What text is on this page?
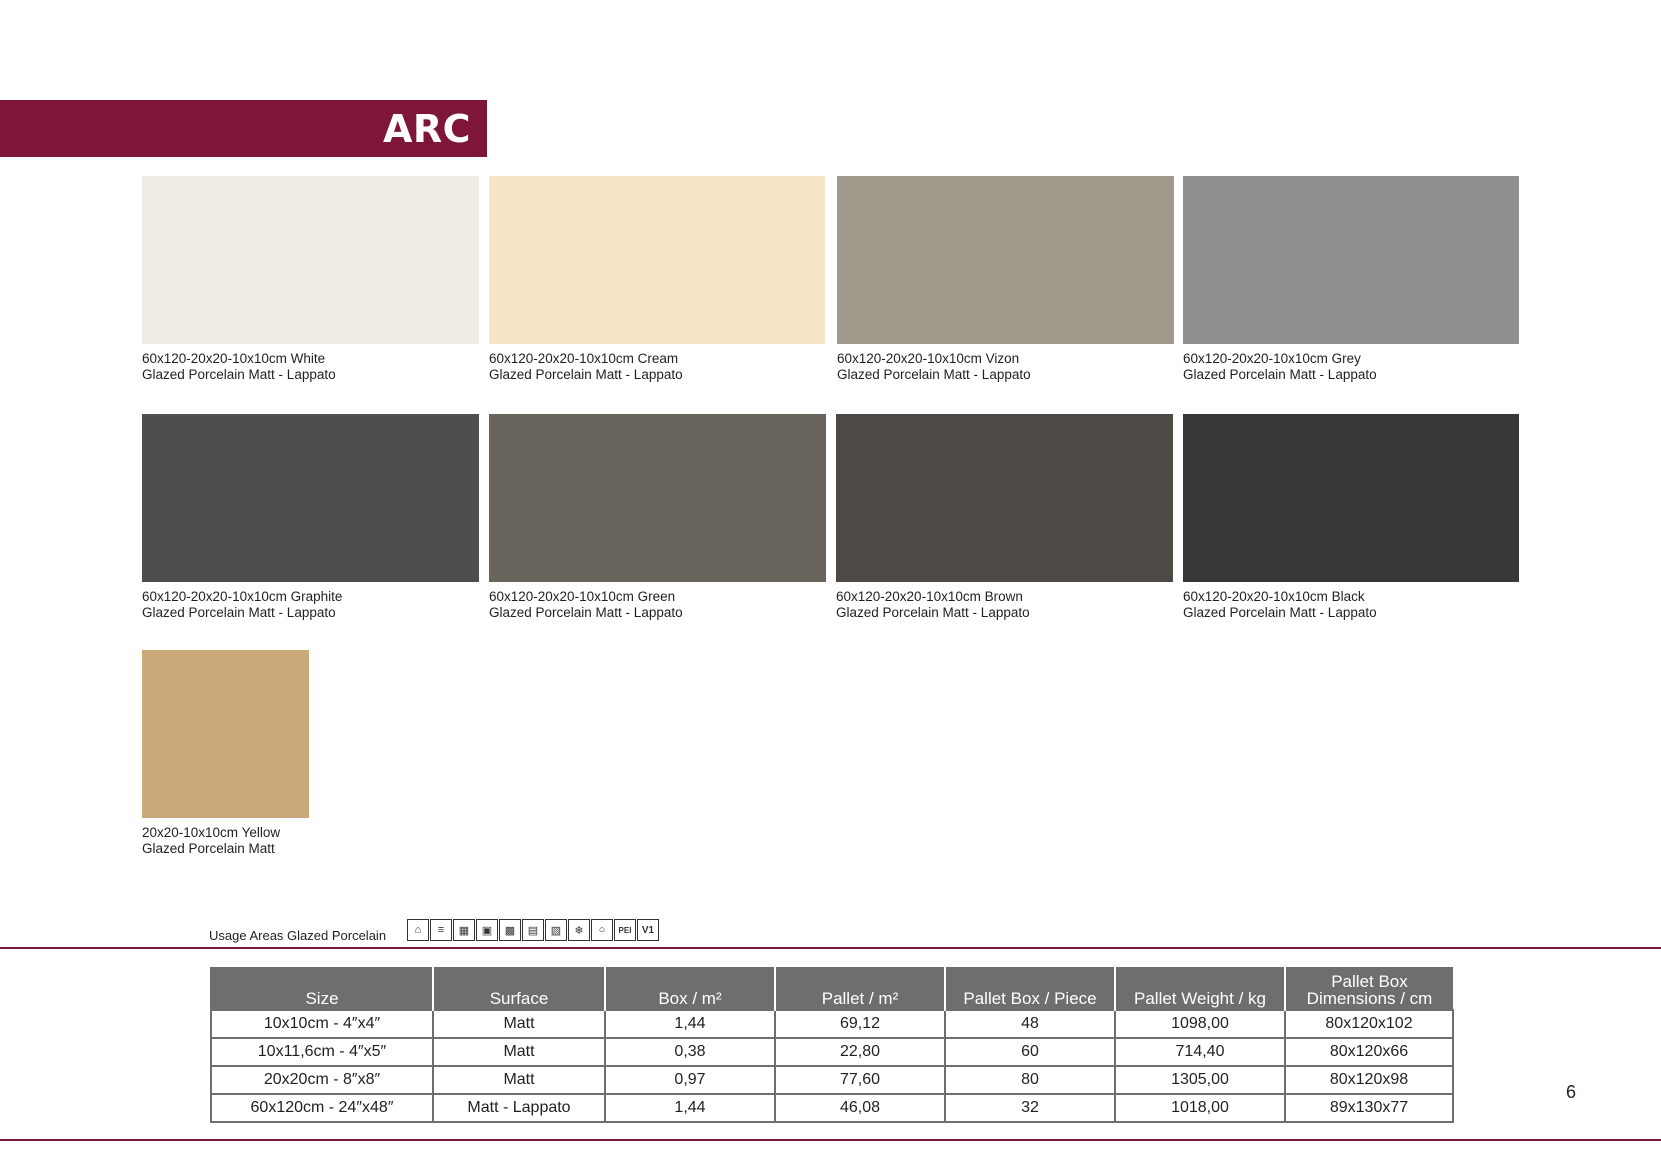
ARC
60x120-20x20-10x10cm White
Glazed Porcelain Matt - Lappato
60x120-20x20-10x10cm Cream
Glazed Porcelain Matt - Lappato
60x120-20x20-10x10cm Vizon
Glazed Porcelain Matt - Lappato
60x120-20x20-10x10cm Grey
Glazed Porcelain Matt - Lappato
60x120-20x20-10x10cm Graphite
Glazed Porcelain Matt - Lappato
60x120-20x20-10x10cm Green
Glazed Porcelain Matt - Lappato
60x120-20x20-10x10cm Brown
Glazed Porcelain Matt - Lappato
60x120-20x20-10x10cm Black
Glazed Porcelain Matt - Lappato
20x20-10x10cm Yellow
Glazed Porcelain Matt
Usage Areas Glazed Porcelain	⌂	≡	▦	▣	▩	▤	▧	❄	○	PEI	V1
Size	Surface	Box / m²	Pallet / m²	Pallet Box / Piece	Pallet Weight / kg	Pallet Box
Dimensions / cm

10x10cm - 4″x4″	Matt	1,44	69,12	48	1098,00	80x120x102
10x11,6cm - 4″x5″	Matt	0,38	22,80	60	714,40	80x120x66
20x20cm - 8″x8″	Matt	0,97	77,60	80	1305,00	80x120x98
60x120cm - 24″x48″	Matt - Lappato	1,44	46,08	32	1018,00	89x130x77
6
